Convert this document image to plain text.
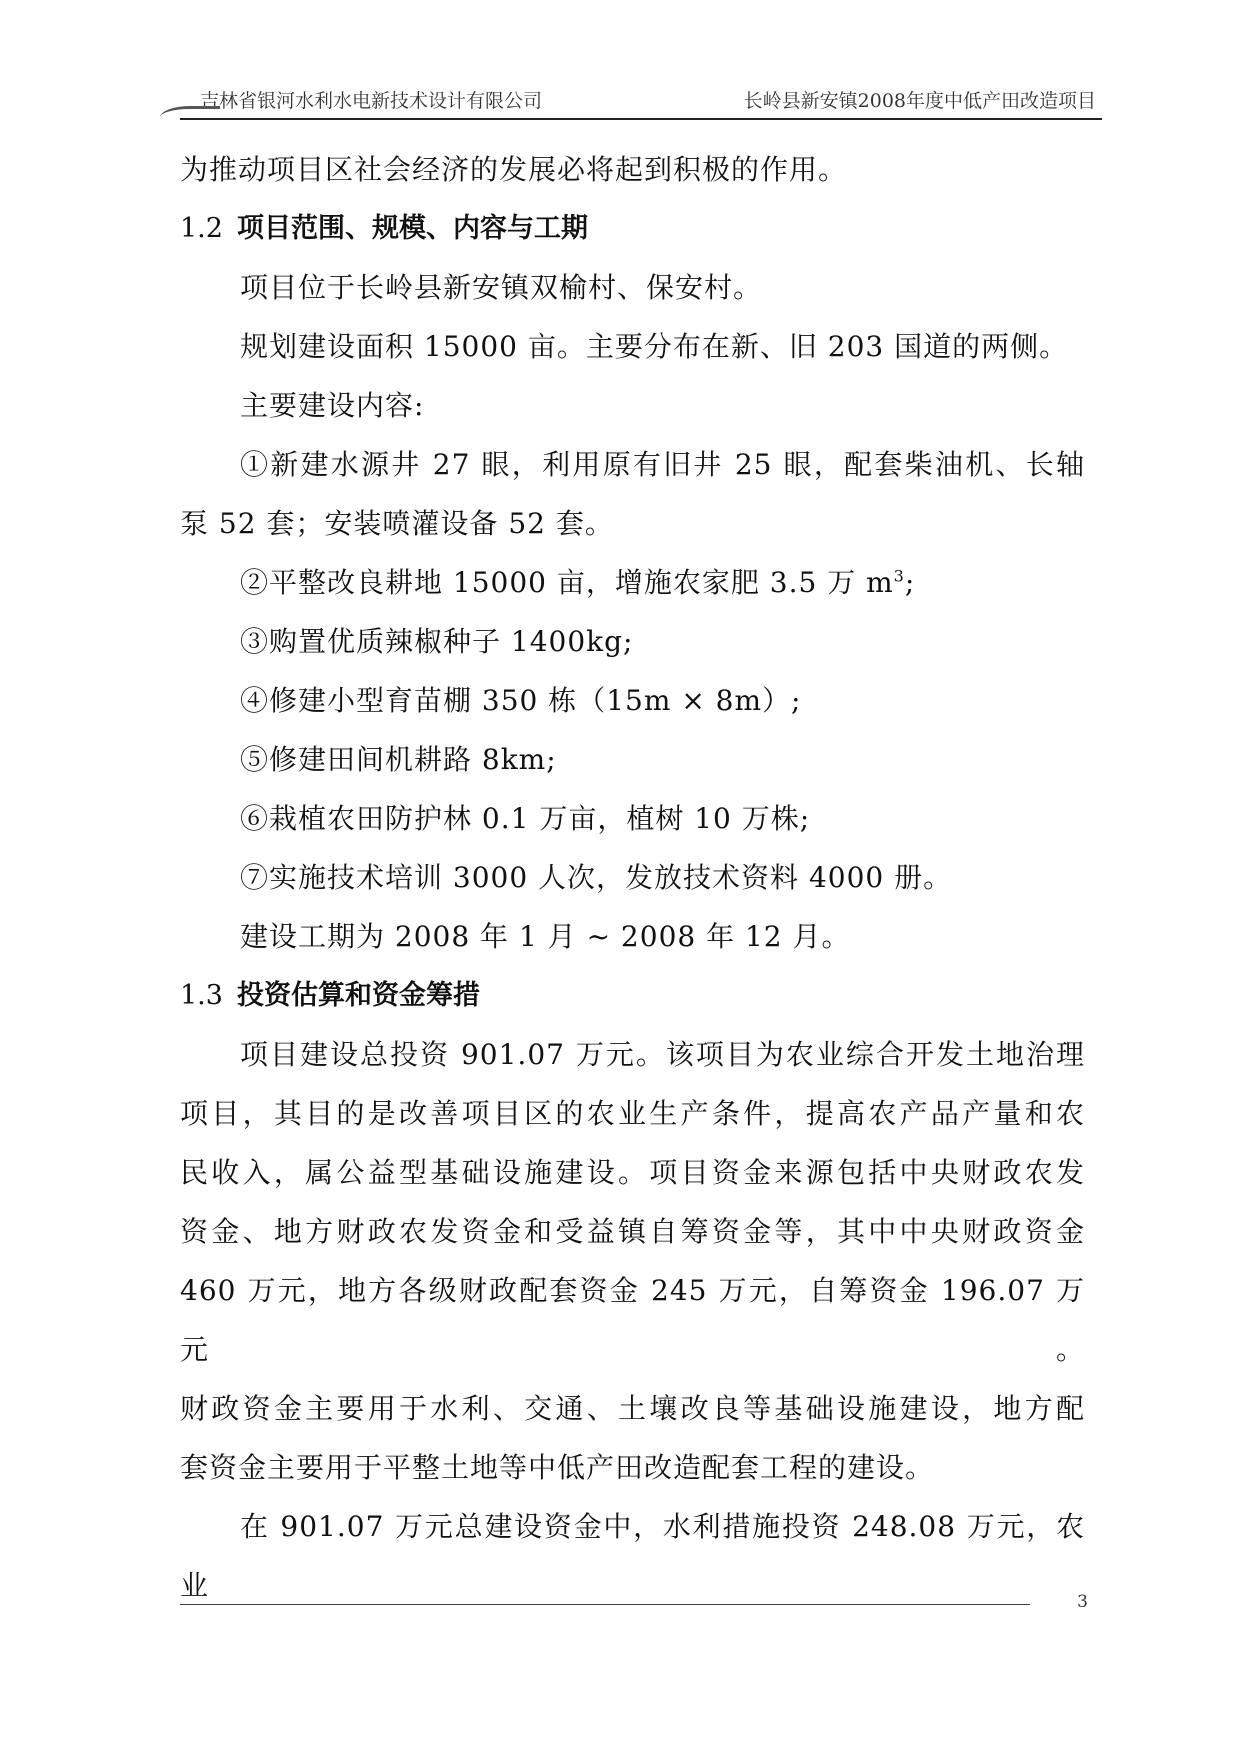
吉林省银河水利水电新技术设计有限公司	长岭县新安镇2008年度中低产田改造项目

为推动项目区社会经济的发展必将起到积极的作用。

1.2 项目范围、规模、内容与工期

项目位于长岭县新安镇双榆村、保安村。

规划建设面积 15000 亩。主要分布在新、旧 203 国道的两侧。

主要建设内容:

①新建水源井 27 眼，利用原有旧井 25 眼，配套柴油机、长轴

泵 52 套；安装喷灌设备 52 套。

②平整改良耕地 15000 亩，增施农家肥 3.5 万 $m^3$;

③购置优质辣椒种子 1400kg;

④修建小型育苗棚 350 栋（15m × 8m）;

⑤修建田间机耕路 8km;

⑥栽植农田防护林 0.1 万亩，植树 10 万株;

⑦实施技术培训 3000 人次，发放技术资料 4000 册。

建设工期为 2008 年 1 月 ~ 2008 年 12 月。

1.3 投资估算和资金筹措

项目建设总投资 901.07 万元。该项目为农业综合开发土地治理

项目，其目的是改善项目区的农业生产条件，提高农产品产量和农

民收入，属公益型基础设施建设。项目资金来源包括中央财政农发

资金、地方财政农发资金和受益镇自筹资金等，其中中央财政资金

460 万元，地方各级财政配套资金 245 万元，自筹资金 196.07 万元。

财政资金主要用于水利、交通、土壤改良等基础设施建设，地方配

套资金主要用于平整土地等中低产田改造配套工程的建设。

在 901.07 万元总建设资金中，水利措施投资 248.08 万元，农业	3
